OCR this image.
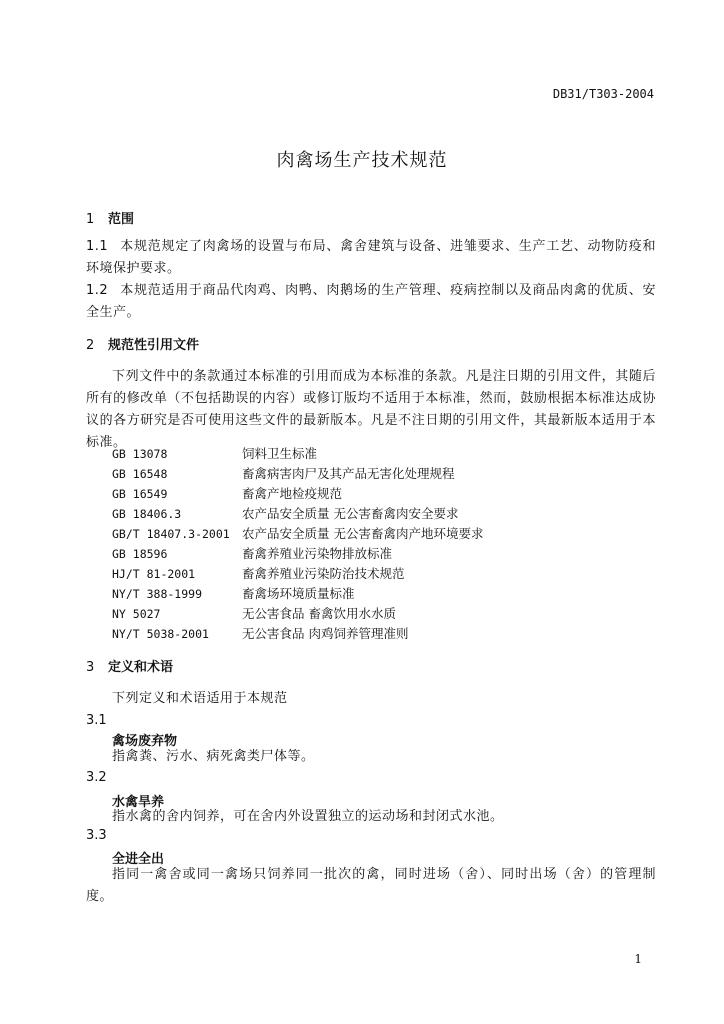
DB31/T303-2004
肉禽场生产技术规范
1 范围
1.1 本规范规定了肉禽场的设置与布局、禽舍建筑与设备、进雏要求、生产工艺、动物防疫和环境保护要求。
1.2 本规范适用于商品代肉鸡、肉鸭、肉鹅场的生产管理、疫病控制以及商品肉禽的优质、安全生产。
2 规范性引用文件
下列文件中的条款通过本标准的引用而成为本标准的条款。凡是注日期的引用文件，其随后所有的修改单（不包括勘误的内容）或修订版均不适用于本标准，然而，鼓励根据本标准达成协议的各方研究是否可使用这些文件的最新版本。凡是不注日期的引用文件，其最新版本适用于本标准。
GB 13078	饲料卫生标准
GB 16548	畜禽病害肉尸及其产品无害化处理规程
GB 16549	畜禽产地检疫规范
GB 18406.3	农产品安全质量 无公害畜禽肉安全要求
GB/T 18407.3-2001 农产品安全质量 无公害畜禽肉产地环境要求
GB 18596	畜禽养殖业污染物排放标准
HJ/T 81-2001	畜禽养殖业污染防治技术规范
NY/T 388-1999	畜禽场环境质量标准
NY 5027	无公害食品 畜禽饮用水水质
NY/T 5038-2001	无公害食品 肉鸡饲养管理准则
3 定义和术语
下列定义和术语适用于本规范
3.1
禽场废弃物
指禽粪、污水、病死禽类尸体等。
3.2
水禽旱养
指水禽的舍内饲养，可在舍内外设置独立的运动场和封闭式水池。
3.3
全进全出
指同一禽舍或同一禽场只饲养同一批次的禽，同时进场（舍）、同时出场（舍）的管理制度。
1
